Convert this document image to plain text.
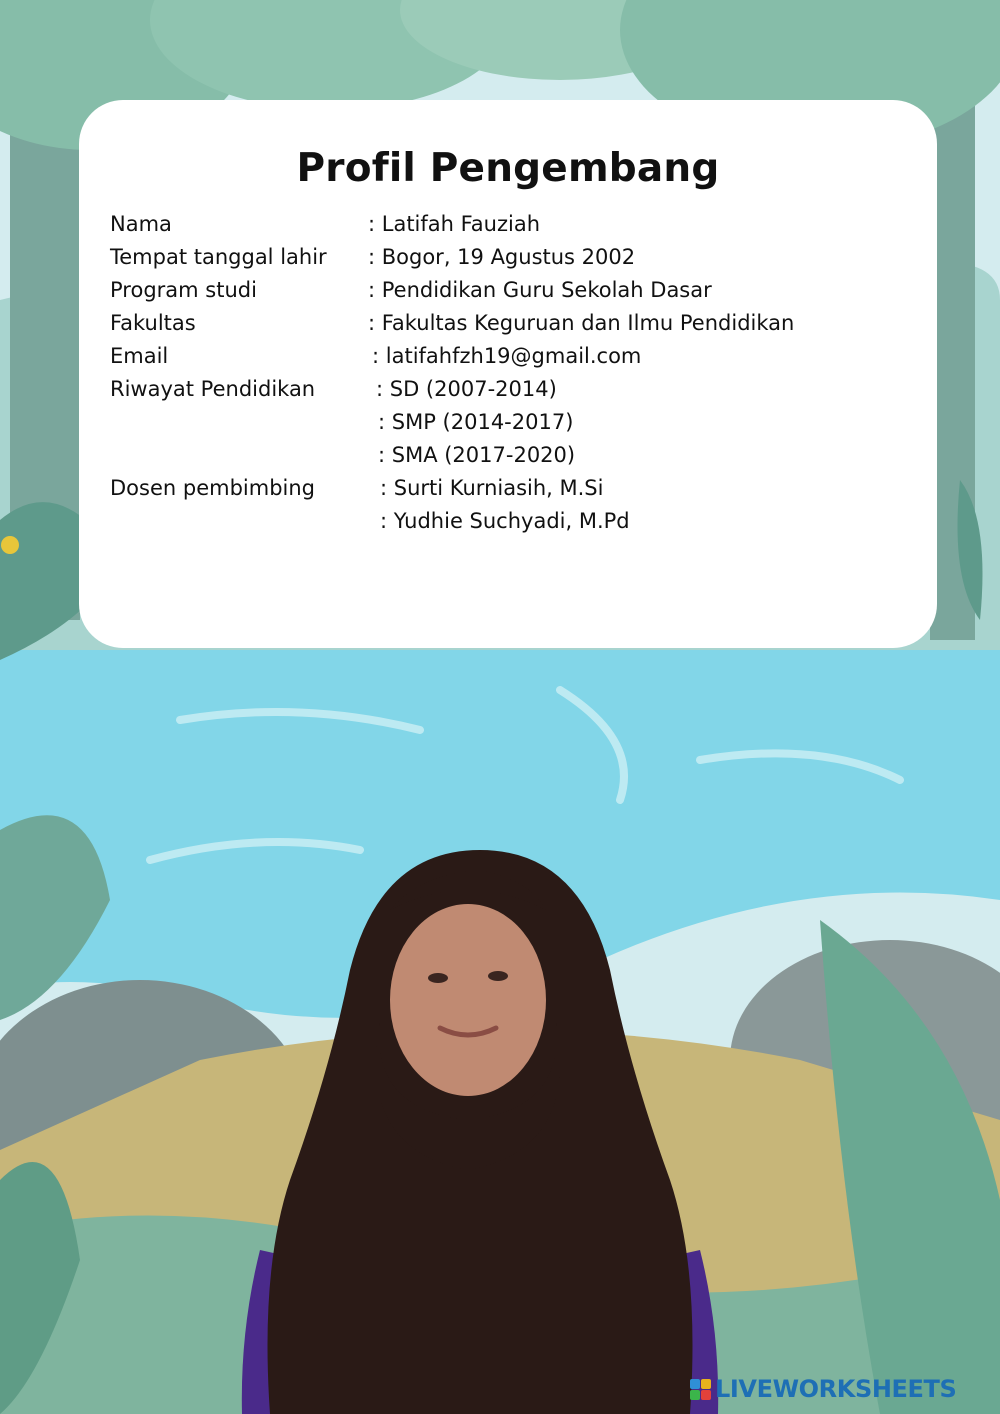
Profil Pengembang
Nama	: Latifah Fauziah
Tempat tanggal lahir : Bogor, 19 Agustus 2002
Program studi	: Pendidikan Guru Sekolah Dasar
Fakultas	: Fakultas Keguruan dan Ilmu Pendidikan
Email	: latifahfzh19@gmail.com
Riwayat Pendidikan	: SD (2007-2014)
: SMP (2014-2017)
: SMA (2017-2020)
Dosen pembimbing	: Surti Kurniasih, M.Si
: Yudhie Suchyadi, M.Pd
LIVEWORKSHEETS
